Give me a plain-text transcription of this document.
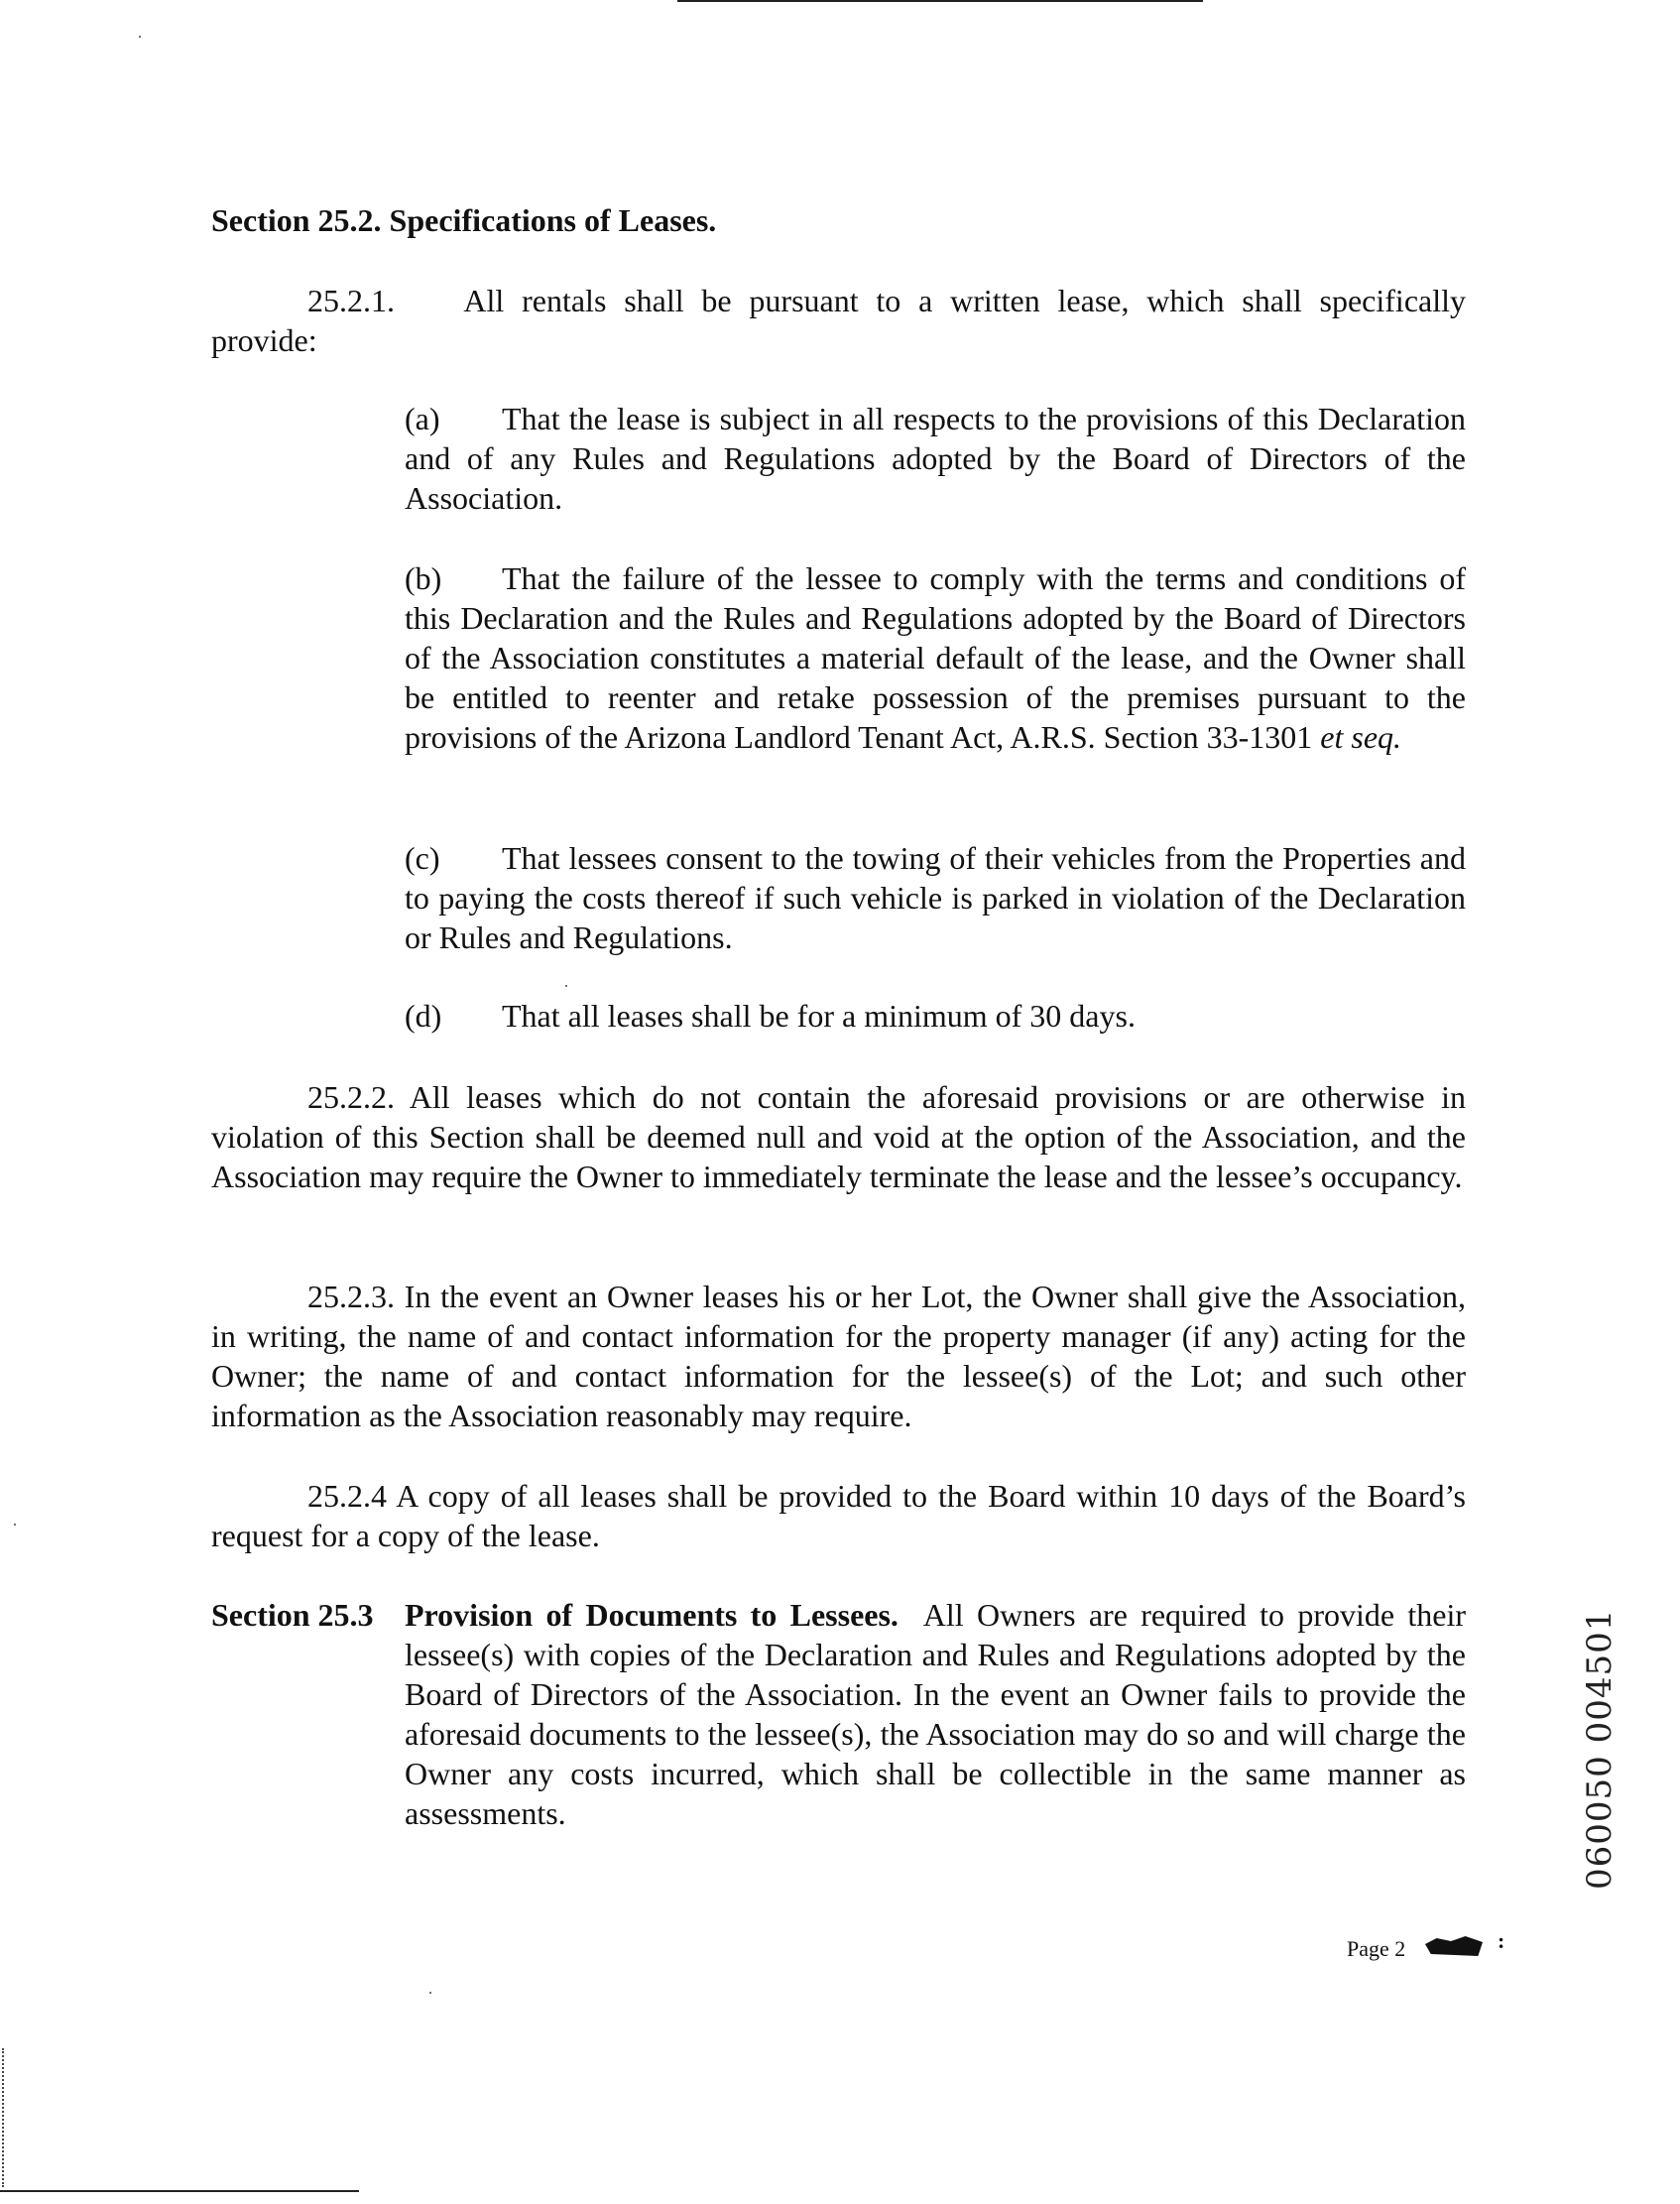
Section 25.2. Specifications of Leases.
25.2.1.    All rentals shall be pursuant to a written lease, which shall specifically
provide:
(a) That the lease is subject in all respects to the provisions of this Declaration and of any Rules and Regulations adopted by the Board of Directors of the Association.
(b) That the failure of the lessee to comply with the terms and conditions of this Declaration and the Rules and Regulations adopted by the Board of Directors of the Association constitutes a material default of the lease, and the Owner shall be entitled to reenter and retake possession of the premises pursuant to the provisions of the Arizona Landlord Tenant Act, A.R.S. Section 33-1301 et seq.
(c) That lessees consent to the towing of their vehicles from the Properties and to paying the costs thereof if such vehicle is parked in violation of the Declaration or Rules and Regulations.
(d) That all leases shall be for a minimum of 30 days.
25.2.2. All leases which do not contain the aforesaid provisions or are otherwise in violation of this Section shall be deemed null and void at the option of the Association, and the Association may require the Owner to immediately terminate the lease and the lessee’s occupancy.
25.2.3. In the event an Owner leases his or her Lot, the Owner shall give the Association, in writing, the name of and contact information for the property manager (if any) acting for the Owner; the name of and contact information for the lessee(s) of the Lot; and such other information as the Association reasonably may require.
25.2.4 A copy of all leases shall be provided to the Board within 10 days of the Board’s request for a copy of the lease.
Section 25.3 Provision of Documents to Lessees. All Owners are required to provide their lessee(s) with copies of the Declaration and Rules and Regulations adopted by the Board of Directors of the Association. In the event an Owner fails to provide the aforesaid documents to the lessee(s), the Association may do so and will charge the Owner any costs incurred, which shall be collectible in the same manner as assessments.	060050 004501
Page 2	:
